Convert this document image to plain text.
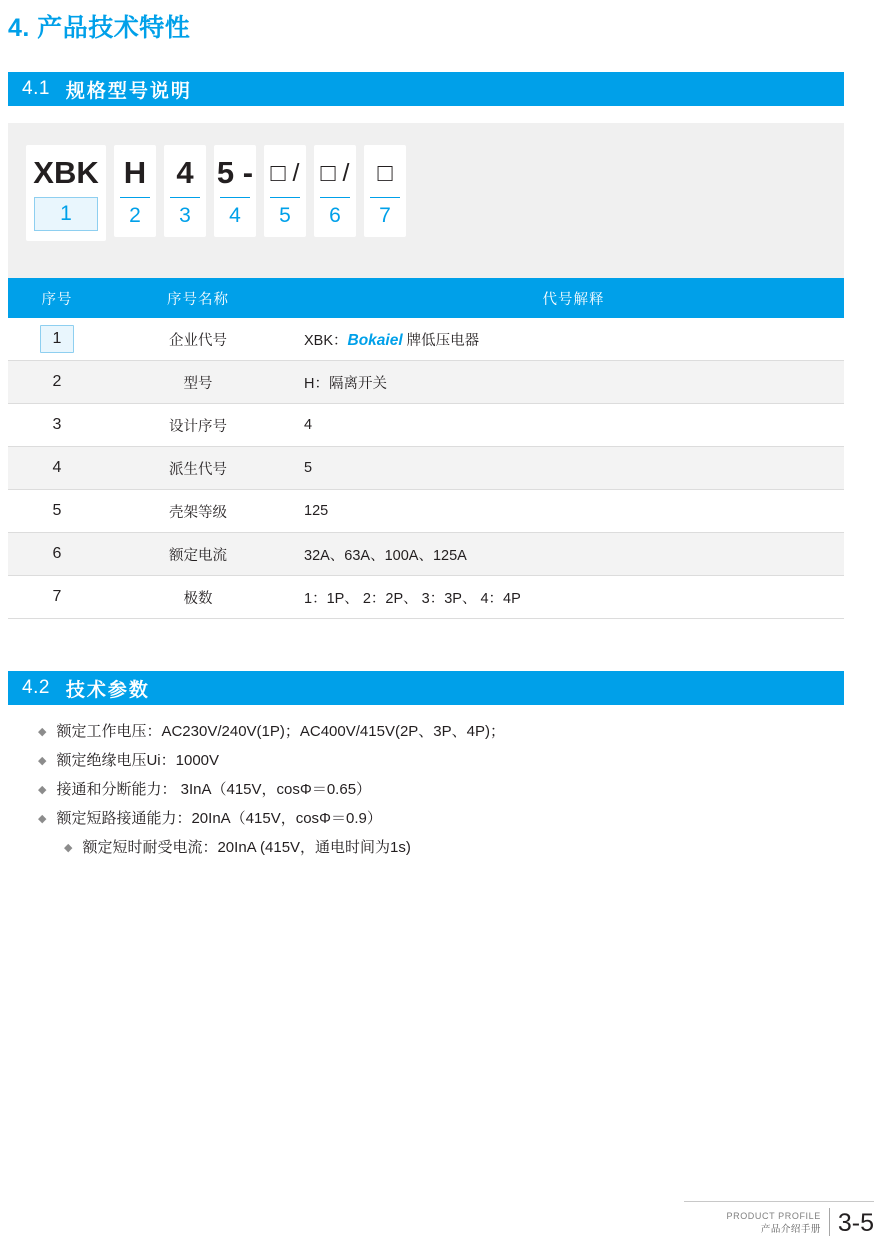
4. 产品技术特性
4.1 规格型号说明
XBK
1
H
2
4
3
5 -
4
□ /
5
□ /
6
□
7
序号	序号名称	代号解释
1	企业代号	XBK：Bokaiel 牌低压电器
2	型号	H：隔离开关
3	设计序号	4
4	派生代号	5
5	壳架等级	125
6	额定电流	32A、63A、100A、125A
7	极数	1：1P、 2：2P、 3：3P、 4：4P
4.2 技术参数
◆ 额定工作电压：AC230V/240V(1P)；AC400V/415V(2P、3P、4P)；
◆ 额定绝缘电压Ui：1000V
◆ 接通和分断能力： 3InA（415V，cosΦ＝0.65）
◆ 额定短路接通能力：20InA（415V，cosΦ＝0.9）
◆ 额定短时耐受电流：20InA (415V，通电时间为1s)
PRODUCT PROFILE
产品介绍手册 3-5
